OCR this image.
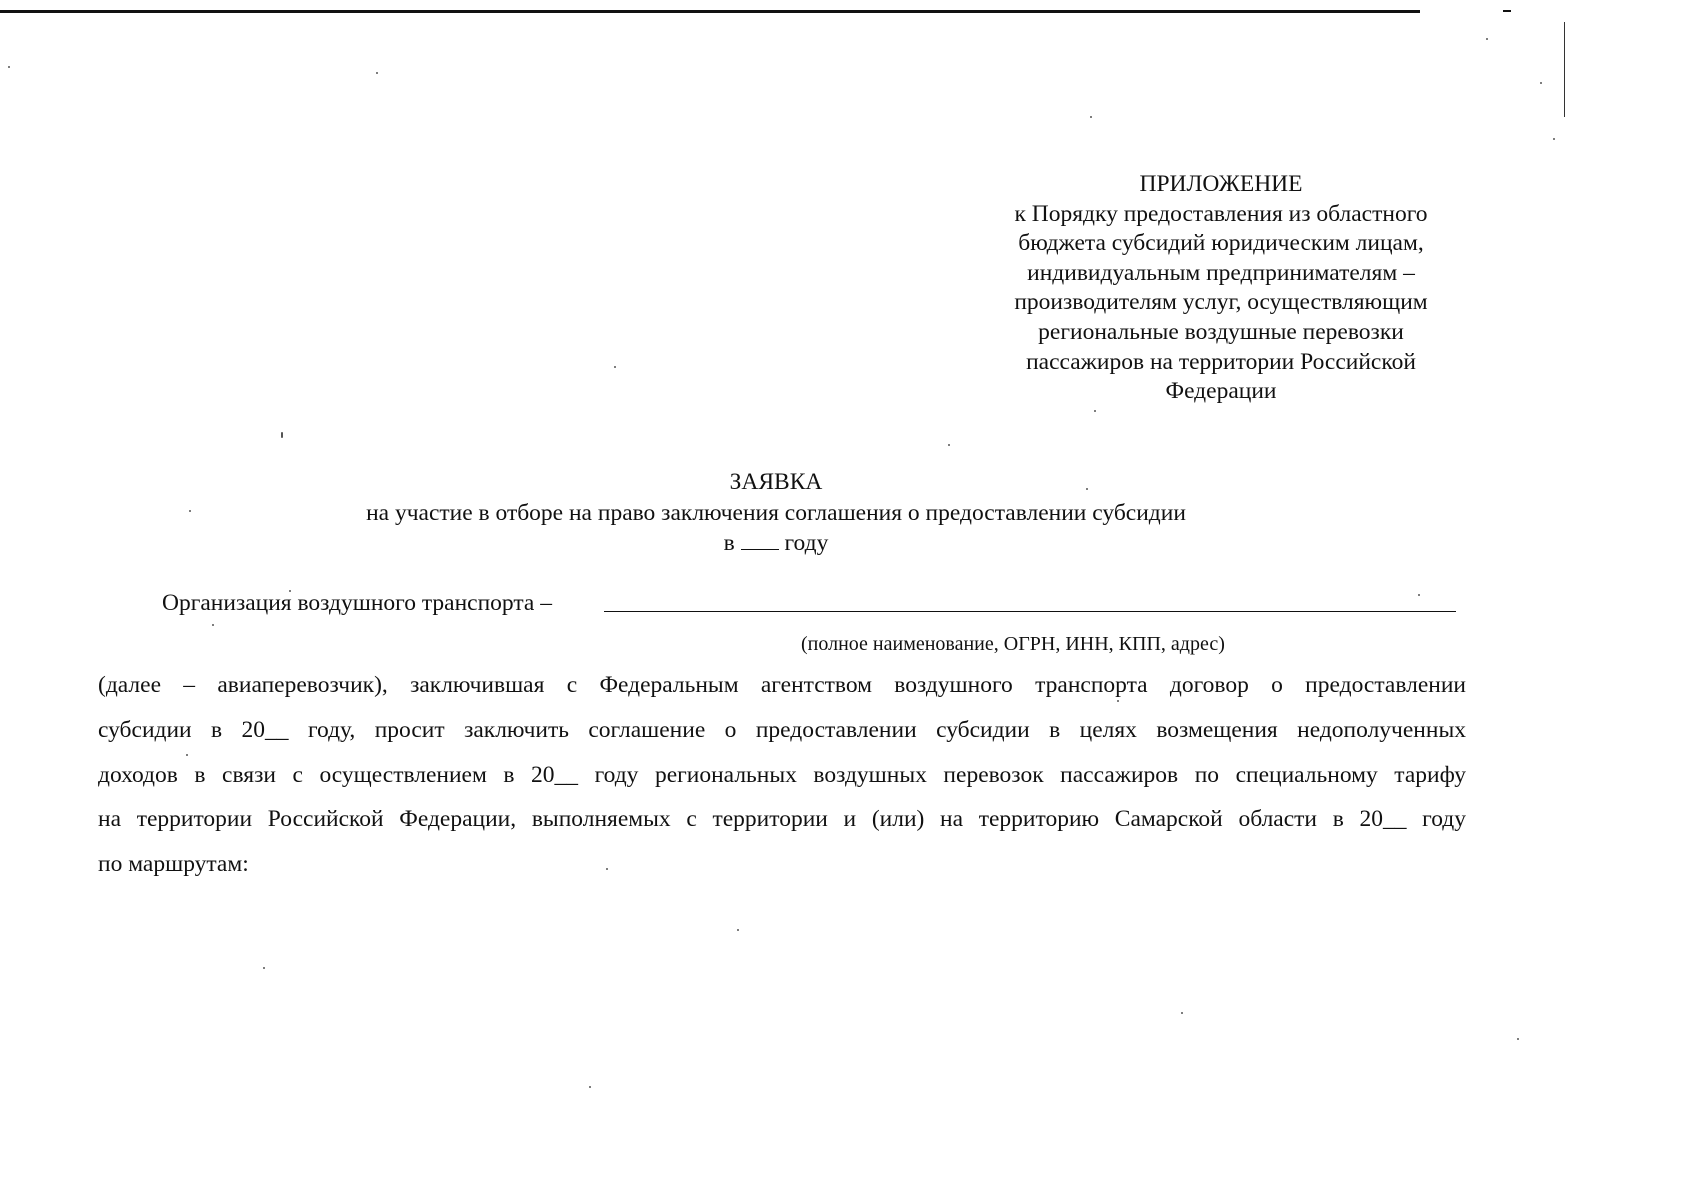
ПРИЛОЖЕНИЕ
к Порядку предоставления из областного
бюджета субсидий юридическим лицам,
индивидуальным предпринимателям –
производителям услуг, осуществляющим
региональные воздушные перевозки
пассажиров на территории Российской
Федерации
ЗАЯВКА
на участие в отборе на право заключения соглашения о предоставлении субсидии
в году
Организация воздушного транспорта –
(полное наименование, ОГРН, ИНН, КПП, адрес)
(далее – авиаперевозчик), заключившая с Федеральным агентством воздушного транспорта договор о предоставлении
субсидии в 20__ году, просит заключить соглашение о предоставлении субсидии в целях возмещения недополученных
доходов в связи с осуществлением в 20__ году региональных воздушных перевозок пассажиров по специальному тарифу
на территории Российской Федерации, выполняемых с территории и (или) на территорию Самарской области в 20__ году
по маршрутам:
